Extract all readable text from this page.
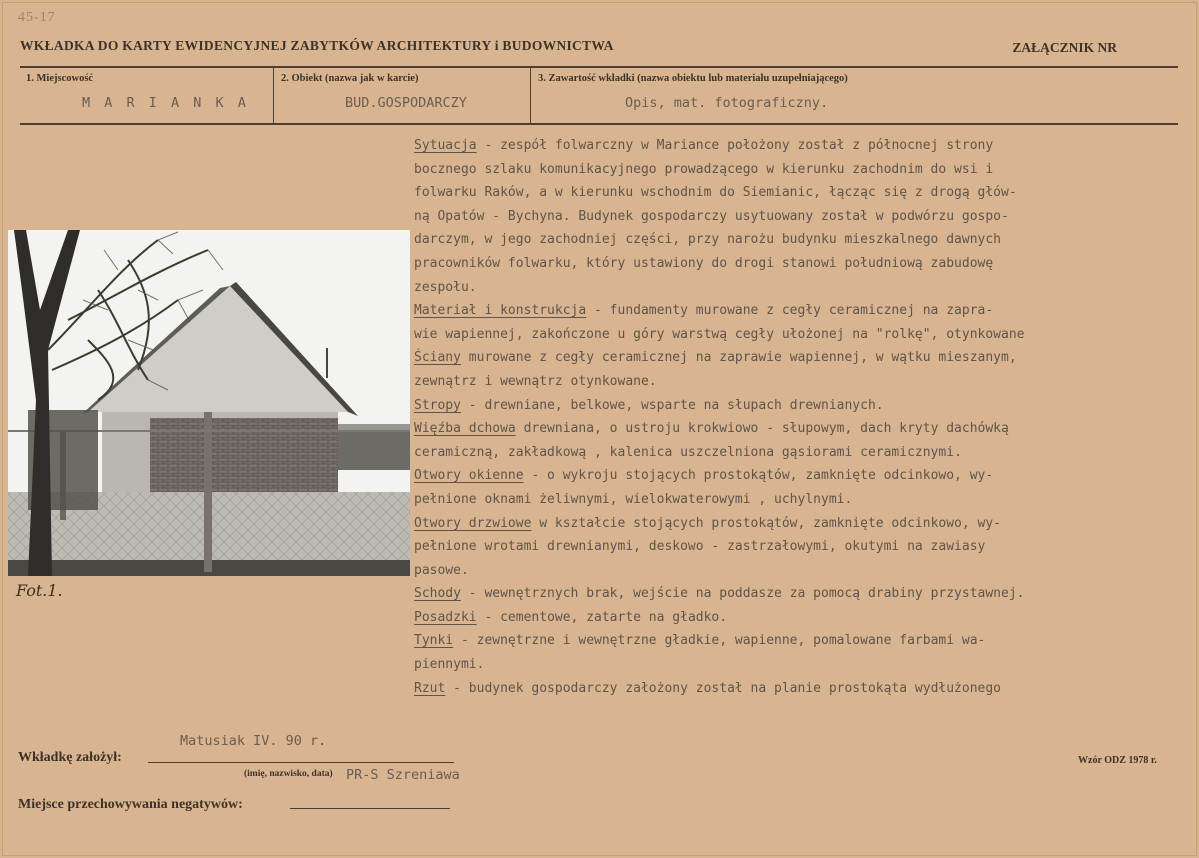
45-17
WKŁADKA DO KARTY EWIDENCYJNEJ ZABYTKÓW ARCHITEKTURY i BUDOWNICTWA	ZAŁĄCZNIK NR
1. Miejscowość	2. Obiekt (nazwa jak w karcie)	3. Zawartość wkładki (nazwa obiektu lub materiału uzupełniającego)
M A R I A N K A	BUD.GOSPODARCZY	Opis, mat. fotograficzny.
Fot.1.
Sytuacja - zespół folwarczny w Mariance położony został z północnej strony
bocznego szlaku komunikacyjnego prowadzącego w kierunku zachodnim do wsi i
folwarku Raków, a w kierunku wschodnim do Siemianic, łącząc się z drogą głów-
ną Opatów - Bychyna. Budynek gospodarczy usytuowany został w podwórzu gospo-
darczym, w jego zachodniej części, przy narożu budynku mieszkalnego dawnych
pracowników folwarku, który ustawiony do drogi stanowi południową zabudowę
zespołu.
Materiał i konstrukcja - fundamenty murowane z cegły ceramicznej na zapra-
wie wapiennej, zakończone u góry warstwą cegły ułożonej na "rolkę", otynkowane
Ściany murowane z cegły ceramicznej na zaprawie wapiennej, w wątku mieszanym,
zewnątrz i wewnątrz otynkowane.
Stropy - drewniane, belkowe, wsparte na słupach drewnianych.
Więźba dchowa drewniana, o ustroju krokwiowo - słupowym, dach kryty dachówką
ceramiczną, zakładkową , kalenica uszczelniona gąsiorami ceramicznymi.
Otwory okienne - o wykroju stojących prostokątów, zamknięte odcinkowo, wy-
pełnione oknami żeliwnymi, wielokwaterowymi , uchylnymi.
Otwory drzwiowe w kształcie stojących prostokątów, zamknięte odcinkowo, wy-
pełnione wrotami drewnianymi, deskowo - zastrzałowymi, okutymi na zawiasy
pasowe.
Schody - wewnętrznych brak, wejście na poddasze za pomocą drabiny przystawnej.
Posadzki - cementowe, zatarte na gładko.
Tynki - zewnętrzne i wewnętrzne gładkie, wapienne, pomalowane farbami wa-
piennymi.
Rzut - budynek gospodarczy założony został na planie prostokąta wydłużonego
Wkładkę założył:
Matusiak IV. 90 r.
(imię, nazwisko, data) PR-S Szreniawa
Wzór ODZ 1978 r.
Miejsce przechowywania negatywów:
